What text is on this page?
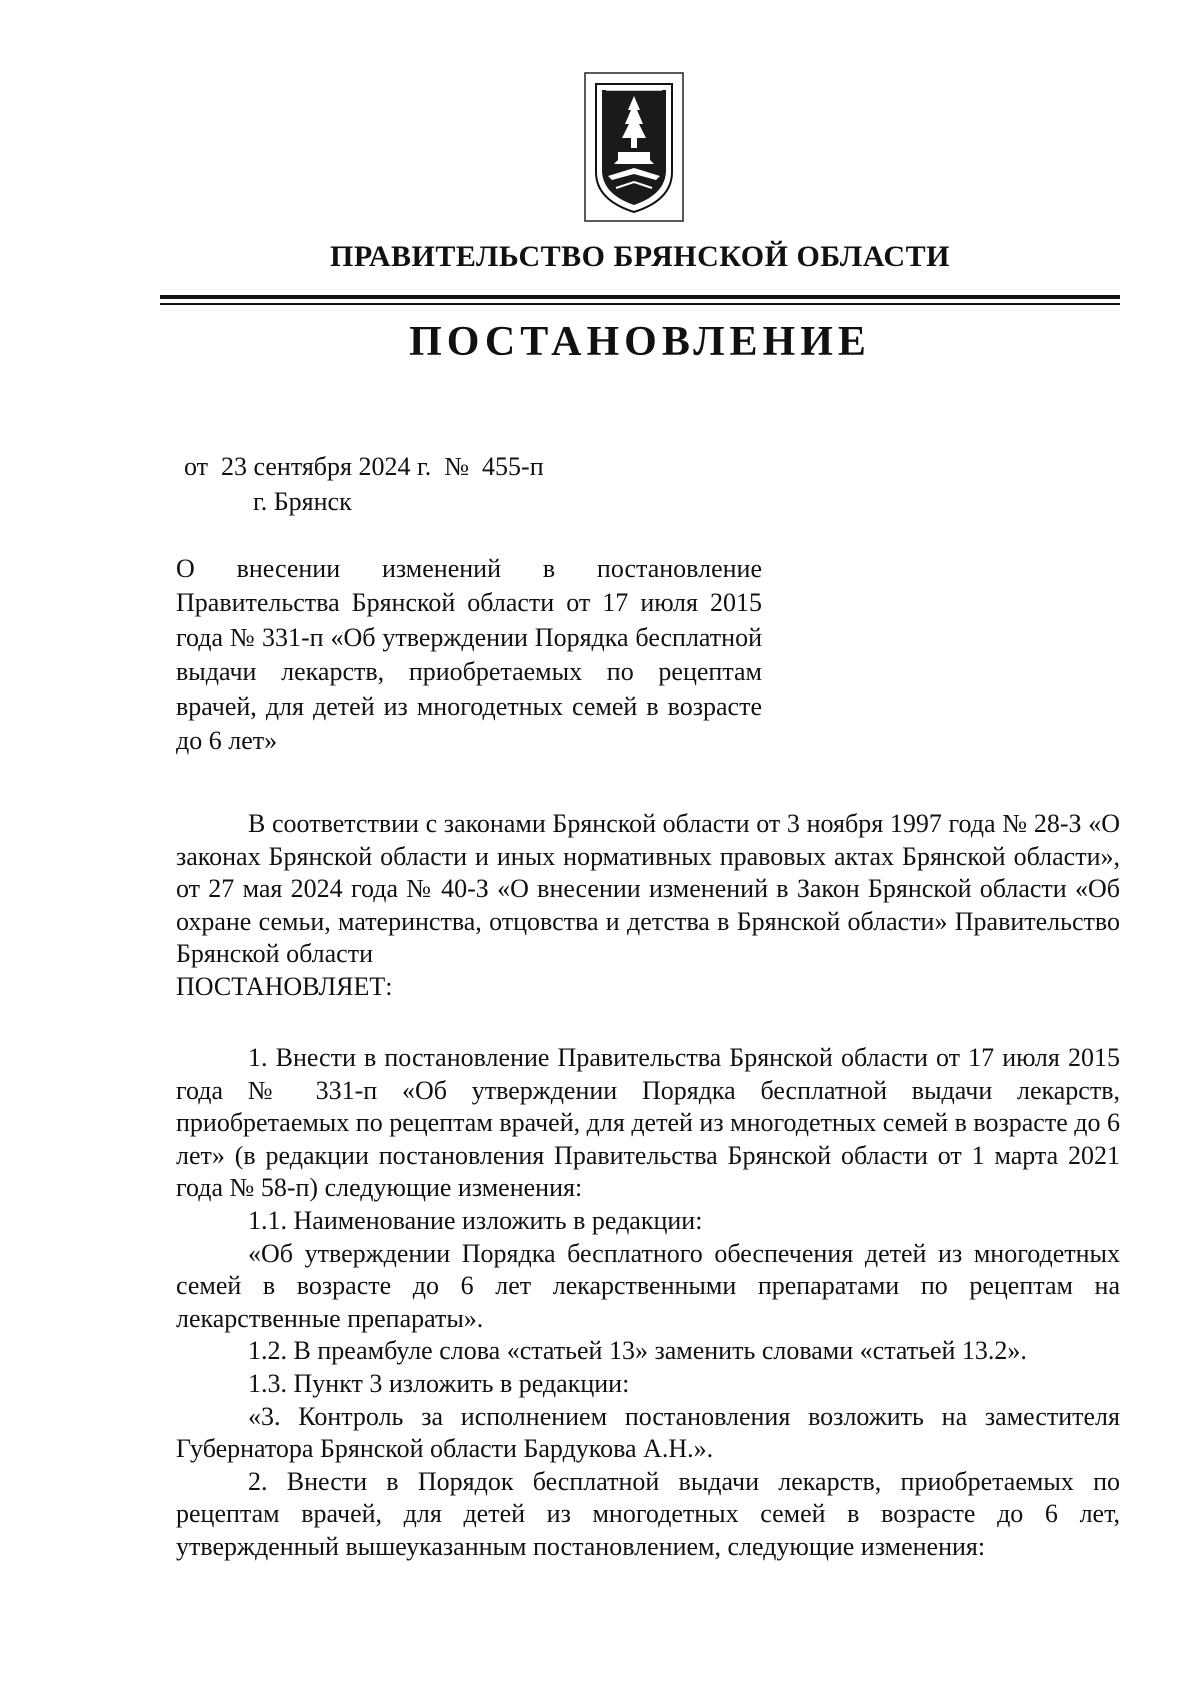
ПРАВИТЕЛЬСТВО БРЯНСКОЙ ОБЛАСТИ
ПОСТАНОВЛЕНИЕ
от  23 сентября 2024 г.  №  455-п
г. Брянск
О внесении изменений в постановление Правительства Брянской области от 17 июля 2015 года № 331-п «Об утверждении Порядка бесплатной выдачи лекарств, приобретаемых по рецептам врачей, для детей из многодетных семей в возрасте до 6 лет»

В соответствии с законами Брянской области от 3 ноября 1997 года № 28-З «О законах Брянской области и иных нормативных правовых актах Брянской области», от 27 мая 2024 года № 40-З «О внесении изменений в Закон Брянской области «Об охране семьи, материнства, отцовства и детства в Брянской области» Правительство Брянской области

ПОСТАНОВЛЯЕТ:

1. Внести в постановление Правительства Брянской области от 17 июля 2015 года № 331-п «Об утверждении Порядка бесплатной выдачи лекарств, приобретаемых по рецептам врачей, для детей из многодетных семей в возрасте до 6 лет» (в редакции постановления Правительства Брянской области от 1 марта 2021 года № 58-п) следующие изменения:

1.1. Наименование изложить в редакции:

«Об утверждении Порядка бесплатного обеспечения детей из многодетных семей в возрасте до 6 лет лекарственными препаратами по рецептам на лекарственные препараты».

1.2. В преамбуле слова «статьей 13» заменить словами «статьей 13.2».

1.3. Пункт 3 изложить в редакции:

«3. Контроль за исполнением постановления возложить на заместителя Губернатора Брянской области Бардукова А.Н.».

2. Внести в Порядок бесплатной выдачи лекарств, приобретаемых по рецептам врачей, для детей из многодетных семей в возрасте до 6 лет, утвержденный вышеуказанным постановлением, следующие изменения:
